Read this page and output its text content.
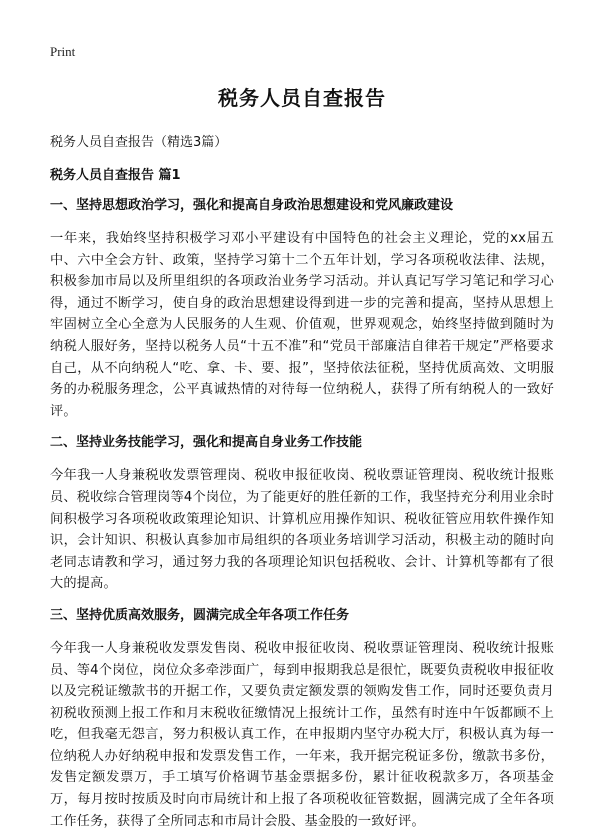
Print

税务人员自查报告

税务人员自查报告（精选3篇）

税务人员自查报告 篇1
一、坚持思想政治学习，强化和提高自身政治思想建设和党风廉政建设

一年来，我始终坚持积极学习邓小平建设有中国特色的社会主义理论，党的xx届五中、六中全会方针、政策，坚持学习第十二个五年计划，学习各项税收法律、法规，积极参加市局以及所里组织的各项政治业务学习活动。并认真记写学习笔记和学习心得，通过不断学习，使自身的政治思想建设得到进一步的完善和提高，坚持从思想上牢固树立全心全意为人民服务的人生观、价值观，世界观观念，始终坚持做到随时为纳税人服好务，坚持以税务人员“十五不准”和“党员干部廉洁自律若干规定”严格要求自己，从不向纳税人“吃、拿、卡、要、报”，坚持依法征税，坚持优质高效、文明服务的办税服务理念，公平真诚热情的对待每一位纳税人，获得了所有纳税人的一致好评。

二、坚持业务技能学习，强化和提高自身业务工作技能

今年我一人身兼税收发票管理岗、税收申报征收岗、税收票证管理岗、税收统计报账员、税收综合管理岗等4个岗位，为了能更好的胜任新的工作，我坚持充分利用业余时间积极学习各项税收政策理论知识、计算机应用操作知识、税收征管应用软件操作知识，会计知识、积极认真参加市局组织的各项业务培训学习活动，积极主动的随时向老同志请教和学习，通过努力我的各项理论知识包括税收、会计、计算机等都有了很大的提高。

三、坚持优质高效服务，圆满完成全年各项工作任务

今年我一人身兼税收发票发售岗、税收申报征收岗、税收票证管理岗、税收统计报账员、等4个岗位，岗位众多牵涉面广，每到申报期我总是很忙，既要负责税收申报征收以及完税证缴款书的开据工作，又要负责定额发票的领购发售工作，同时还要负责月初税收预测上报工作和月末税收征缴情况上报统计工作，虽然有时连中午饭都顾不上吃，但我毫无怨言，努力积极认真工作，在申报期内坚守办税大厅，积极认真为每一位纳税人办好纳税申报和发票发售工作，一年来，我开据完税证多份，缴款书多份，发售定额发票万，手工填写价格调节基金票据多份，累计征收税款多万，各项基金万，每月按时按质及时向市局统计和上报了各项税收征管数据，圆满完成了全年各项工作任务，获得了全所同志和市局计会股、基金股的一致好评。
